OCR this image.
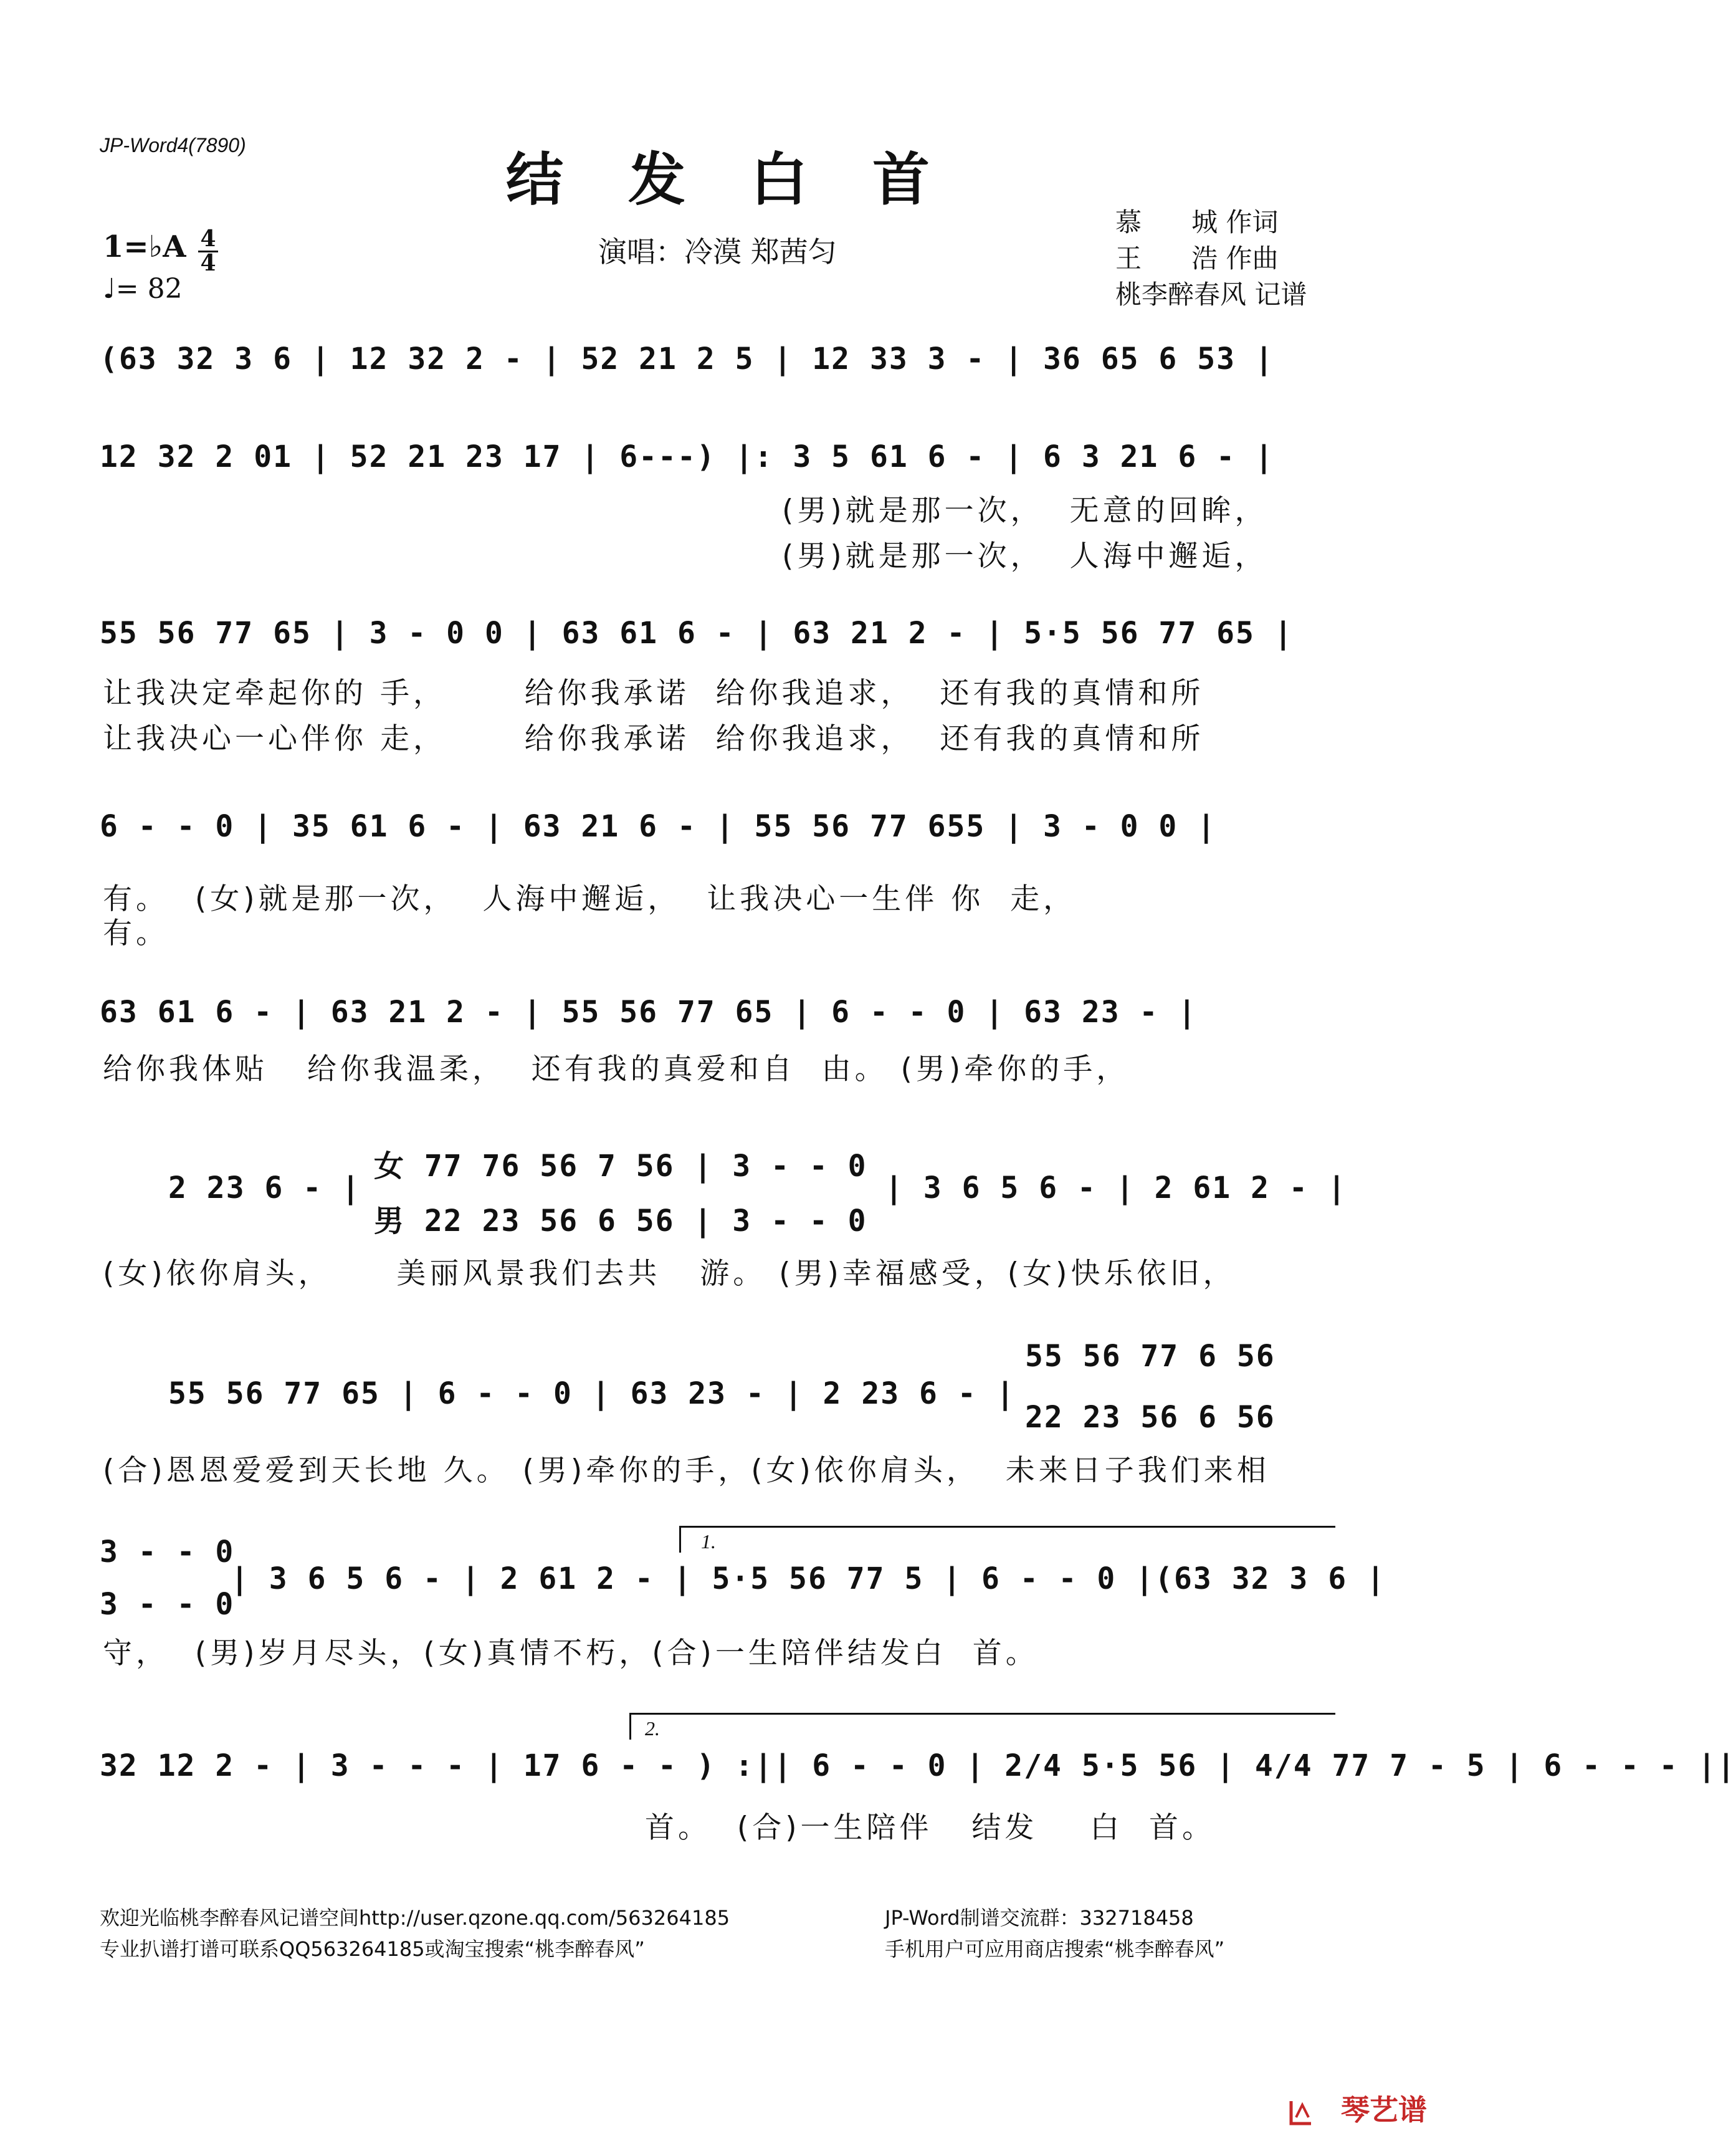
JP-Word4(7890)
结 发 白 首
演唱：冷漠 郑茜匀
1=♭A 4
4
♩= 82
慕      城 作词
王      浩 作曲
桃李醉春风 记谱
(63 32 3 6 | 12 32 2 - | 52 21 2 5 | 12 33 3 - | 36 65 6 53 |
12 32 2 01 | 52 21 23 17 | 6---) |: 3 5 61 6 - | 6 3 21 6 - |
(男)就是那一次，  无意的回眸，
(男)就是那一次，  人海中邂逅，
55 56 77 65 | 3 - 0 0 | 63 61 6 - | 63 21 2 - | 5·5 56 77 65 |
让我决定牵起你的 手，      给你我承诺  给你我追求，  还有我的真情和所
让我决心一心伴你 走，      给你我承诺  给你我追求，  还有我的真情和所
6 - - 0 | 35 61 6 - | 63 21 6 - | 55 56 77 655 | 3 - 0 0 |
有。  (女)就是那一次，  人海中邂逅，  让我决心一生伴 你  走，
有。
63 61 6 - | 63 21 2 - | 55 56 77 65 | 6 - - 0 | 63 23 - |
给你我体贴   给你我温柔，  还有我的真爱和自  由。 (男)牵你的手，
2 23 6 - |
女 77 76 56 7 56 | 3 - - 0
男 22 23 56 6 56 | 3 - - 0
| 3 6 5 6 - | 2 61 2 - |
(女)依你肩头，     美丽风景我们去共   游。 (男)幸福感受，(女)快乐依旧，
55 56 77 65 | 6 - - 0 | 63 23 - | 2 23 6 - |
55 56 77 6 56
22 23 56 6 56
(合)恩恩爱爱到天长地 久。 (男)牵你的手，(女)依你肩头，  未来日子我们来相
3 - - 0
3 - - 0
| 3 6 5 6 - | 2 61 2 - | 5·5 56 77 5 | 6 - - 0 |(63 32 3 6 |
1.
守，  (男)岁月尽头，(女)真情不朽，(合)一生陪伴结发白  首。
32 12 2 - | 3 - - - | 17 6 - - ) :|| 6 - - 0 | 2/4 5·5 56 | 4/4 77 7 - 5 | 6 - - - ||
2.
首。  (合)一生陪伴   结发    白  首。
欢迎光临桃李醉春风记谱空间http://user.qzone.qq.com/563264185	JP-Word制谱交流群：332718458
专业扒谱打谱可联系QQ563264185或淘宝搜索“桃李醉春风”	手机用户可应用商店搜索“桃李醉春风”
琴艺谱
